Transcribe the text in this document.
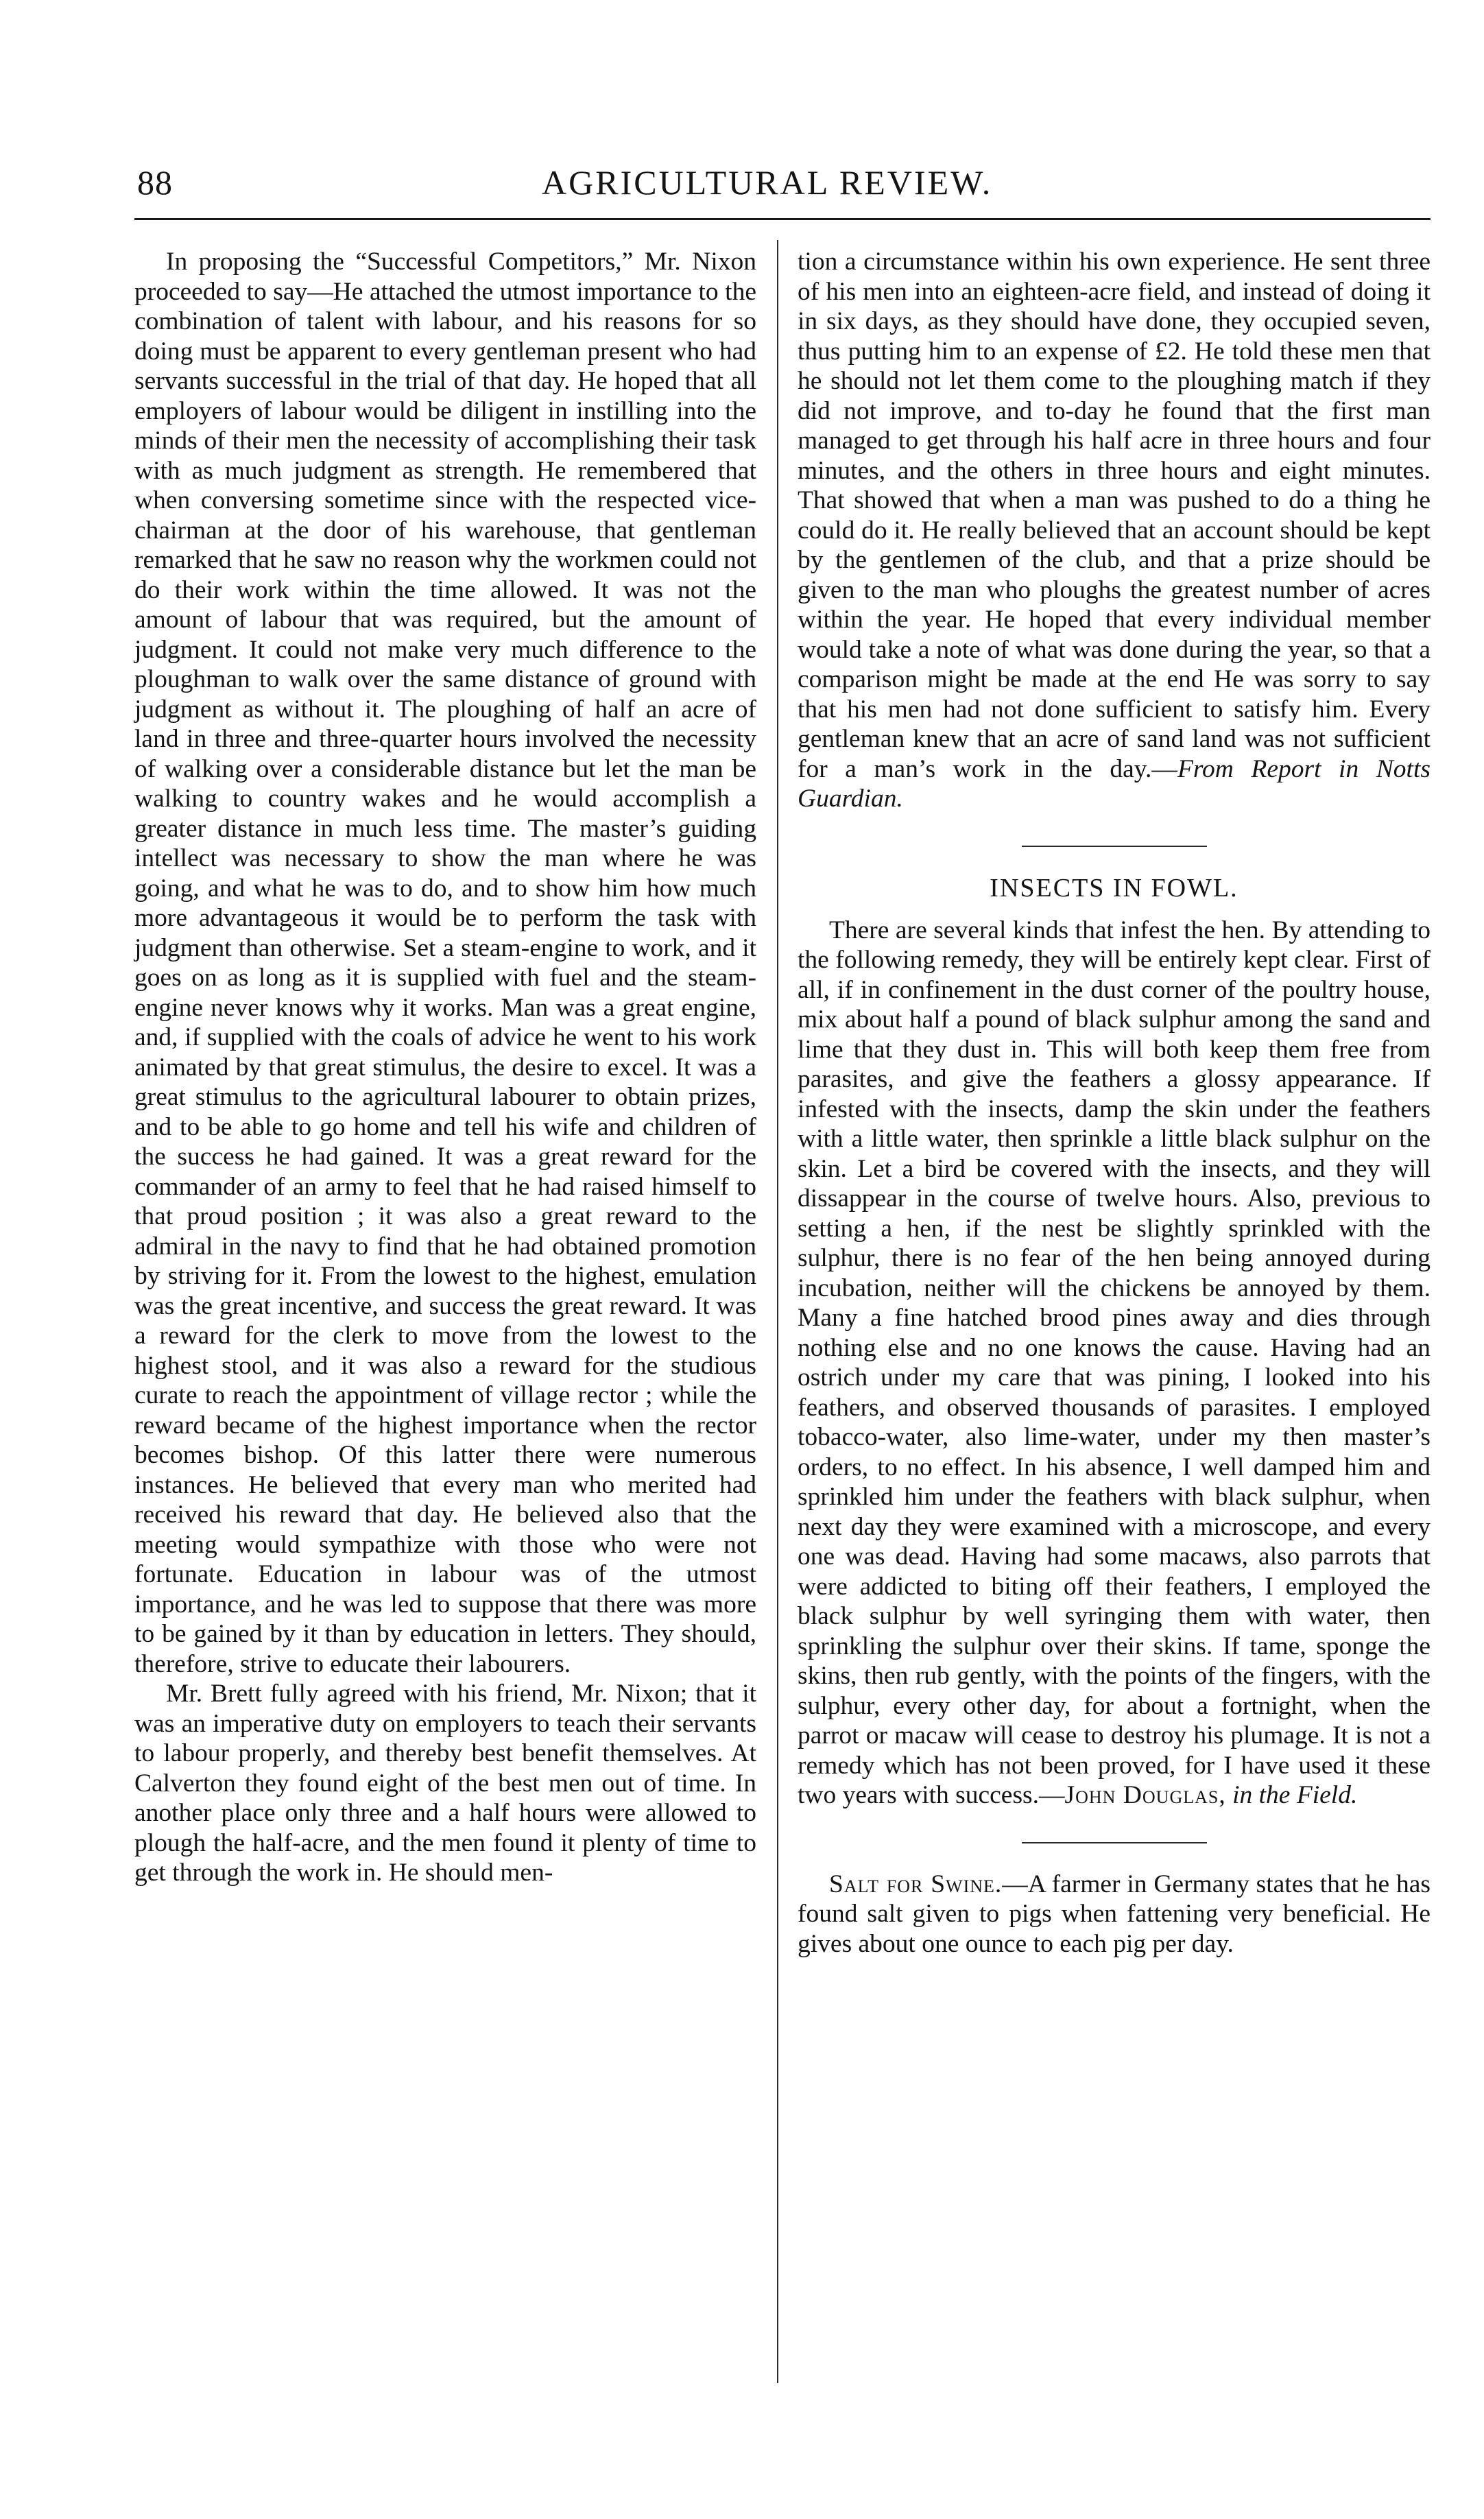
88	AGRICULTURAL REVIEW.

In proposing the “Successful Competitors,” Mr. Nixon proceeded to say—He attached the utmost importance to the combination of talent with labour, and his reasons for so doing must be apparent to every gentleman present who had servants successful in the trial of that day. He hoped that all employers of labour would be diligent in instilling into the minds of their men the necessity of accomplishing their task with as much judgment as strength. He remembered that when conversing sometime since with the respected vice-chairman at the door of his warehouse, that gentleman remarked that he saw no reason why the workmen could not do their work within the time allowed. It was not the amount of labour that was required, but the amount of judgment. It could not make very much difference to the ploughman to walk over the same distance of ground with judgment as without it. The ploughing of half an acre of land in three and three-quarter hours involved the necessity of walking over a considerable distance but let the man be walking to country wakes and he would accomplish a greater distance in much less time. The master’s guiding intellect was necessary to show the man where he was going, and what he was to do, and to show him how much more advantageous it would be to perform the task with judgment than otherwise. Set a steam-engine to work, and it goes on as long as it is supplied with fuel and the steam-engine never knows why it works. Man was a great engine, and, if supplied with the coals of advice he went to his work animated by that great stimulus, the desire to excel. It was a great stimulus to the agricultural labourer to obtain prizes, and to be able to go home and tell his wife and children of the success he had gained. It was a great reward for the commander of an army to feel that he had raised himself to that proud position ; it was also a great reward to the admiral in the navy to find that he had obtained promotion by striving for it. From the lowest to the highest, emulation was the great incentive, and success the great reward. It was a reward for the clerk to move from the lowest to the highest stool, and it was also a reward for the studious curate to reach the appointment of village rector ; while the reward became of the highest importance when the rector becomes bishop. Of this latter there were numerous instances. He believed that every man who merited had received his reward that day. He believed also that the meeting would sympathize with those who were not fortunate. Education in labour was of the utmost importance, and he was led to suppose that there was more to be gained by it than by education in letters. They should, therefore, strive to educate their labourers.

Mr. Brett fully agreed with his friend, Mr. Nixon; that it was an imperative duty on employers to teach their servants to labour properly, and thereby best benefit themselves. At Calverton they found eight of the best men out of time. In another place only three and a half hours were allowed to plough the half-acre, and the men found it plenty of time to get through the work in. He should men-

tion a circumstance within his own experience. He sent three of his men into an eighteen-acre field, and instead of doing it in six days, as they should have done, they occupied seven, thus putting him to an expense of £2. He told these men that he should not let them come to the ploughing match if they did not improve, and to-day he found that the first man managed to get through his half acre in three hours and four minutes, and the others in three hours and eight minutes. That showed that when a man was pushed to do a thing he could do it. He really believed that an account should be kept by the gentlemen of the club, and that a prize should be given to the man who ploughs the greatest number of acres within the year. He hoped that every individual member would take a note of what was done during the year, so that a comparison might be made at the end He was sorry to say that his men had not done sufficient to satisfy him. Every gentleman knew that an acre of sand land was not sufficient for a man’s work in the day.—From Report in Notts Guardian.

INSECTS IN FOWL.

There are several kinds that infest the hen. By attending to the following remedy, they will be entirely kept clear. First of all, if in confinement in the dust corner of the poultry house, mix about half a pound of black sulphur among the sand and lime that they dust in. This will both keep them free from parasites, and give the feathers a glossy appearance. If infested with the insects, damp the skin under the feathers with a little water, then sprinkle a little black sulphur on the skin. Let a bird be covered with the insects, and they will dissappear in the course of twelve hours. Also, previous to setting a hen, if the nest be slightly sprinkled with the sulphur, there is no fear of the hen being annoyed during incubation, neither will the chickens be annoyed by them. Many a fine hatched brood pines away and dies through nothing else and no one knows the cause. Having had an ostrich under my care that was pining, I looked into his feathers, and observed thousands of parasites. I employed tobacco-water, also lime-water, under my then master’s orders, to no effect. In his absence, I well damped him and sprinkled him under the feathers with black sulphur, when next day they were examined with a microscope, and every one was dead. Having had some macaws, also parrots that were addicted to biting off their feathers, I employed the black sulphur by well syringing them with water, then sprinkling the sulphur over their skins. If tame, sponge the skins, then rub gently, with the points of the fingers, with the sulphur, every other day, for about a fortnight, when the parrot or macaw will cease to destroy his plumage. It is not a remedy which has not been proved, for I have used it these two years with success.—John Douglas, in the Field.

Salt for Swine.—A farmer in Germany states that he has found salt given to pigs when fattening very beneficial. He gives about one ounce to each pig per day.
